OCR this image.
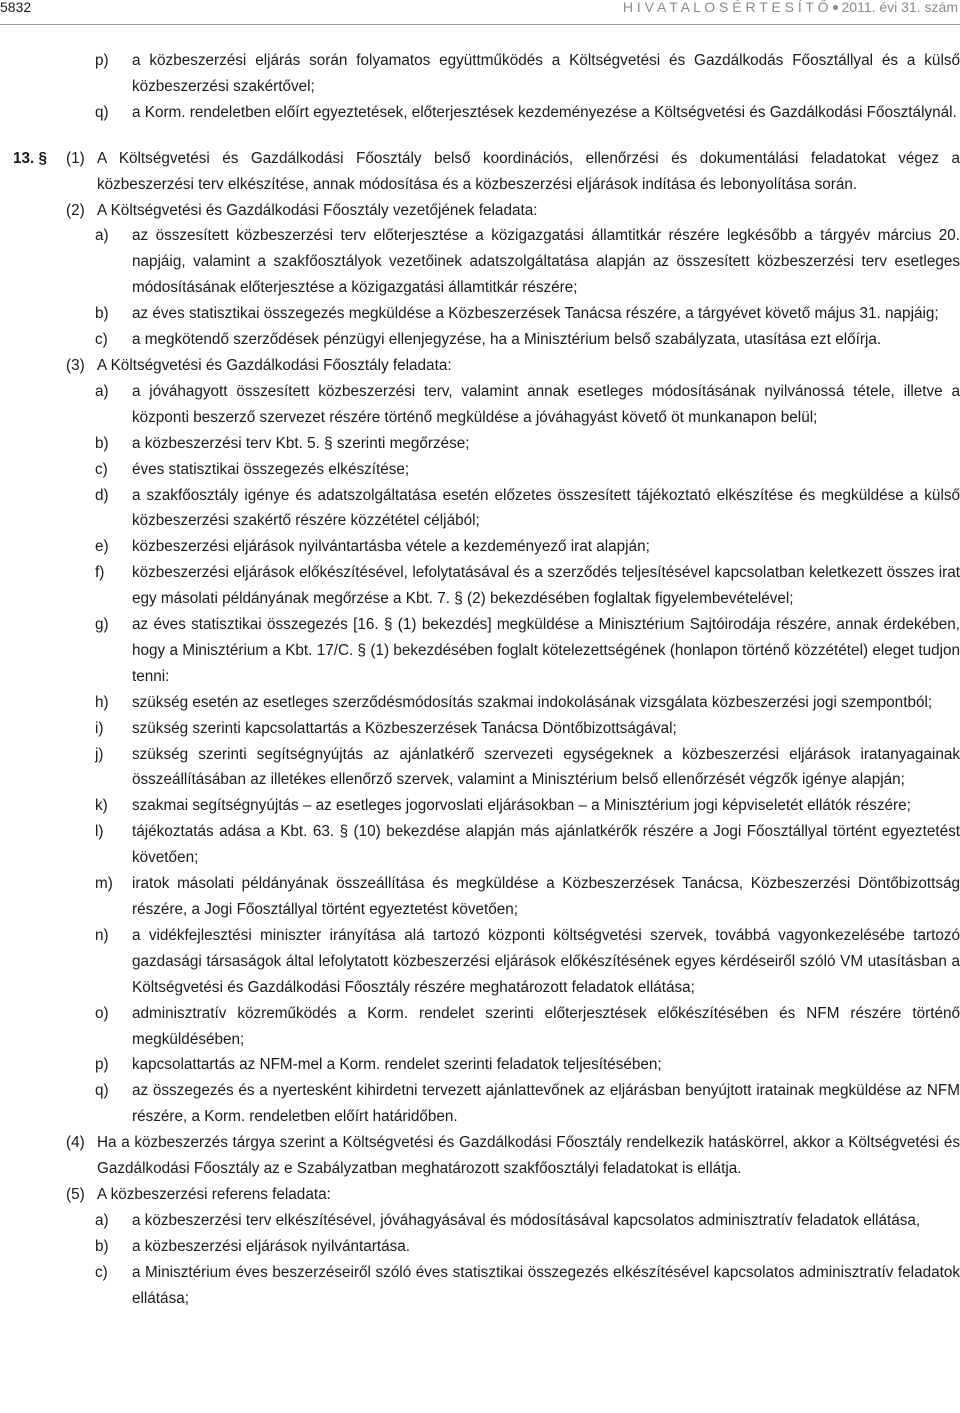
5832	H I V A T A L O S É R T E S Í T Ő 2011. évi 31. szám
p) a közbeszerzési eljárás során folyamatos együttműködés a Költségvetési és Gazdálkodás Főosztállyal és a külső közbeszerzési szakértővel;
q) a Korm. rendeletben előírt egyeztetések, előterjesztések kezdeményezése a Költségvetési és Gazdálkodási Főosztálynál.
13. § (1) A Költségvetési és Gazdálkodási Főosztály belső koordinációs, ellenőrzési és dokumentálási feladatokat végez a közbeszerzési terv elkészítése, annak módosítása és a közbeszerzési eljárások indítása és lebonyolítása során.
(2) A Költségvetési és Gazdálkodási Főosztály vezetőjének feladata:
a) az összesített közbeszerzési terv előterjesztése a közigazgatási államtitkár részére legkésőbb a tárgyév március 20. napjáig, valamint a szakfőosztályok vezetőinek adatszolgáltatása alapján az összesített közbeszerzési terv esetleges módosításának előterjesztése a közigazgatási államtitkár részére;
b) az éves statisztikai összegezés megküldése a Közbeszerzések Tanácsa részére, a tárgyévet követő május 31. napjáig;
c) a megkötendő szerződések pénzügyi ellenjegyzése, ha a Minisztérium belső szabályzata, utasítása ezt előírja.
(3) A Költségvetési és Gazdálkodási Főosztály feladata:
a) a jóváhagyott összesített közbeszerzési terv, valamint annak esetleges módosításának nyilvánossá tétele, illetve a központi beszerző szervezet részére történő megküldése a jóváhagyást követő öt munkanapon belül;
b) a közbeszerzési terv Kbt. 5. § szerinti megőrzése;
c) éves statisztikai összegezés elkészítése;
d) a szakfőosztály igénye és adatszolgáltatása esetén előzetes összesített tájékoztató elkészítése és megküldése a külső közbeszerzési szakértő részére közzététel céljából;
e) közbeszerzési eljárások nyilvántartásba vétele a kezdeményező irat alapján;
f) közbeszerzési eljárások előkészítésével, lefolytatásával és a szerződés teljesítésével kapcsolatban keletkezett összes irat egy másolati példányának megőrzése a Kbt. 7. § (2) bekezdésében foglaltak figyelembevételével;
g) az éves statisztikai összegezés [16. § (1) bekezdés] megküldése a Minisztérium Sajtóirodája részére, annak érdekében, hogy a Minisztérium a Kbt. 17/C. § (1) bekezdésében foglalt kötelezettségének (honlapon történő közzététel) eleget tudjon tenni:
h) szükség esetén az esetleges szerződésmódosítás szakmai indokolásának vizsgálata közbeszerzési jogi szempontból;
i) szükség szerinti kapcsolattartás a Közbeszerzések Tanácsa Döntőbizottságával;
j) szükség szerinti segítségnyújtás az ajánlatkérő szervezeti egységeknek a közbeszerzési eljárások iratanyagainak összeállításában az illetékes ellenőrző szervek, valamint a Minisztérium belső ellenőrzését végzők igénye alapján;
k) szakmai segítségnyújtás – az esetleges jogorvoslati eljárásokban – a Minisztérium jogi képviseletét ellátók részére;
l) tájékoztatás adása a Kbt. 63. § (10) bekezdése alapján más ajánlatkérők részére a Jogi Főosztállyal történt egyeztetést követően;
m) iratok másolati példányának összeállítása és megküldése a Közbeszerzések Tanácsa, Közbeszerzési Döntőbizottság részére, a Jogi Főosztállyal történt egyeztetést követően;
n) a vidékfejlesztési miniszter irányítása alá tartozó központi költségvetési szervek, továbbá vagyonkezelésébe tartozó gazdasági társaságok által lefolytatott közbeszerzési eljárások előkészítésének egyes kérdéseiről szóló VM utasításban a Költségvetési és Gazdálkodási Főosztály részére meghatározott feladatok ellátása;
o) adminisztratív közreműködés a Korm. rendelet szerinti előterjesztések előkészítésében és NFM részére történő megküldésében;
p) kapcsolattartás az NFM-mel a Korm. rendelet szerinti feladatok teljesítésében;
q) az összegezés és a nyertesként kihirdetni tervezett ajánlattevőnek az eljárásban benyújtott iratainak megküldése az NFM részére, a Korm. rendeletben előírt határidőben.
(4) Ha a közbeszerzés tárgya szerint a Költségvetési és Gazdálkodási Főosztály rendelkezik hatáskörrel, akkor a Költségvetési és Gazdálkodási Főosztály az e Szabályzatban meghatározott szakfőosztályi feladatokat is ellátja.
(5) A közbeszerzési referens feladata:
a) a közbeszerzési terv elkészítésével, jóváhagyásával és módosításával kapcsolatos adminisztratív feladatok ellátása,
b) a közbeszerzési eljárások nyilvántartása.
c) a Minisztérium éves beszerzéseiről szóló éves statisztikai összegezés elkészítésével kapcsolatos adminisztratív feladatok ellátása;
